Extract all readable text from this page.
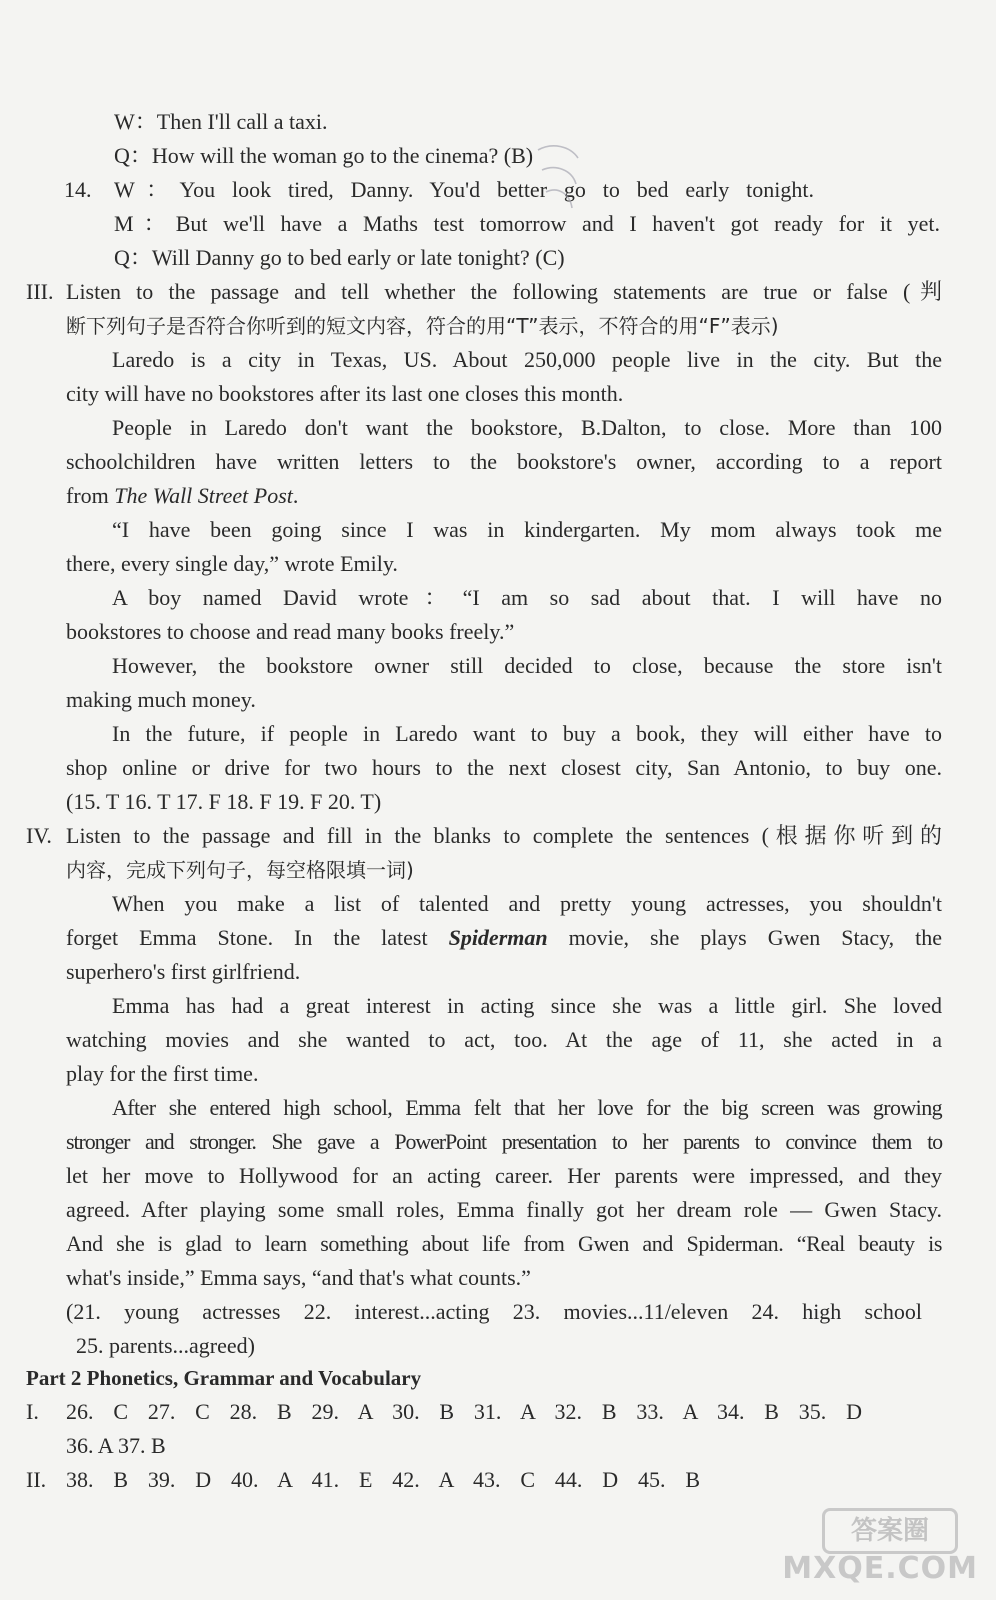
W：Then I'll call a taxi.
Q：How will the woman go to the cinema? (B)
14. W：You look tired, Danny. You'd better go to bed early tonight.
M：But we'll have a Maths test tomorrow and I haven't got ready for it yet.
Q：Will Danny go to bed early or late tonight? (C)
III. Listen to the passage and tell whether the following statements are true or false (判
断下列句子是否符合你听到的短文内容，符合的用“T”表示，不符合的用“F”表示)
Laredo is a city in Texas, US. About 250,000 people live in the city. But the
city will have no bookstores after its last one closes this month.
People in Laredo don't want the bookstore, B.Dalton, to close. More than 100
schoolchildren have written letters to the bookstore's owner, according to a report
from The Wall Street Post.
“I have been going since I was in kindergarten. My mom always took me
there, every single day,” wrote Emily.
A boy named David wrote：“I am so sad about that. I will have no
bookstores to choose and read many books freely.”
However, the bookstore owner still decided to close, because the store isn't
making much money.
In the future, if people in Laredo want to buy a book, they will either have to
shop online or drive for two hours to the next closest city, San Antonio, to buy one.
(15. T 16. T 17. F 18. F 19. F 20. T)
IV. Listen to the passage and fill in the blanks to complete the sentences (根据你听到的
内容，完成下列句子，每空格限填一词)
When you make a list of talented and pretty young actresses, you shouldn't
forget Emma Stone. In the latest Spiderman movie, she plays Gwen Stacy, the
superhero's first girlfriend.
Emma has had a great interest in acting since she was a little girl. She loved
watching movies and she wanted to act, too. At the age of 11, she acted in a
play for the first time.
After she entered high school, Emma felt that her love for the big screen was growing
stronger and stronger. She gave a PowerPoint presentation to her parents to convince them to
let her move to Hollywood for an acting career. Her parents were impressed, and they
agreed. After playing some small roles, Emma finally got her dream role — Gwen Stacy.
And she is glad to learn something about life from Gwen and Spiderman. “Real beauty is
what's inside,” Emma says, “and that's what counts.”
(21. young actresses 22. interest...acting 23. movies...11/eleven 24. high school
25. parents...agreed)
Part 2 Phonetics, Grammar and Vocabulary
I. 26. C 27. C 28. B 29. A 30. B 31. A 32. B 33. A 34. B 35. D
36. A 37. B
II. 38. B 39. D 40. A 41. E 42. A 43. C 44. D 45. B
答案圈
MXQE.COM
